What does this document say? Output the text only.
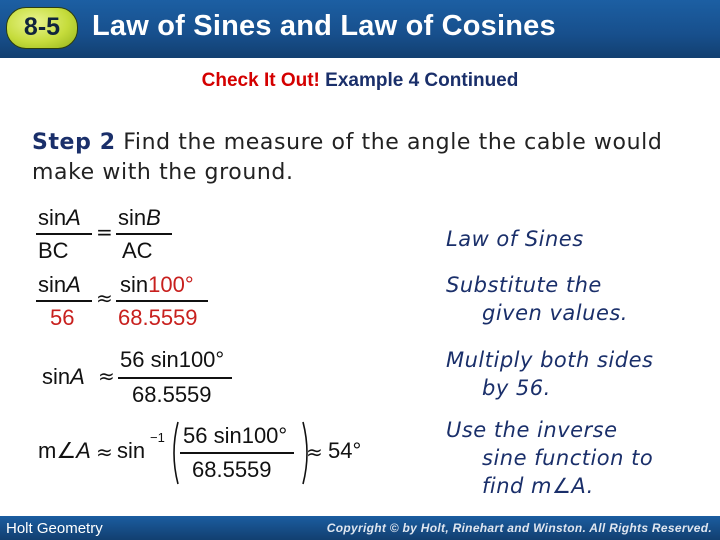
8-5	Law of Sines and Law of Cosines
Check It Out! Example 4 Continued
Step 2 Find the measure of the angle the cable would
make with the ground.
sinA
BC
=
sinB
AC
sinA
56
≈
sin100°
68.5559
sinA ≈
56 sin100°
68.5559
m∠A ≈ sin
−1 56 sin100°
68.5559
≈ 54°
Law of Sines
Substitute the
given values.
Multiply both sides
by 56.
Use the inverse
sine function to
find m∠A.
Holt Geometry	Copyright © by Holt, Rinehart and Winston. All Rights Reserved.
